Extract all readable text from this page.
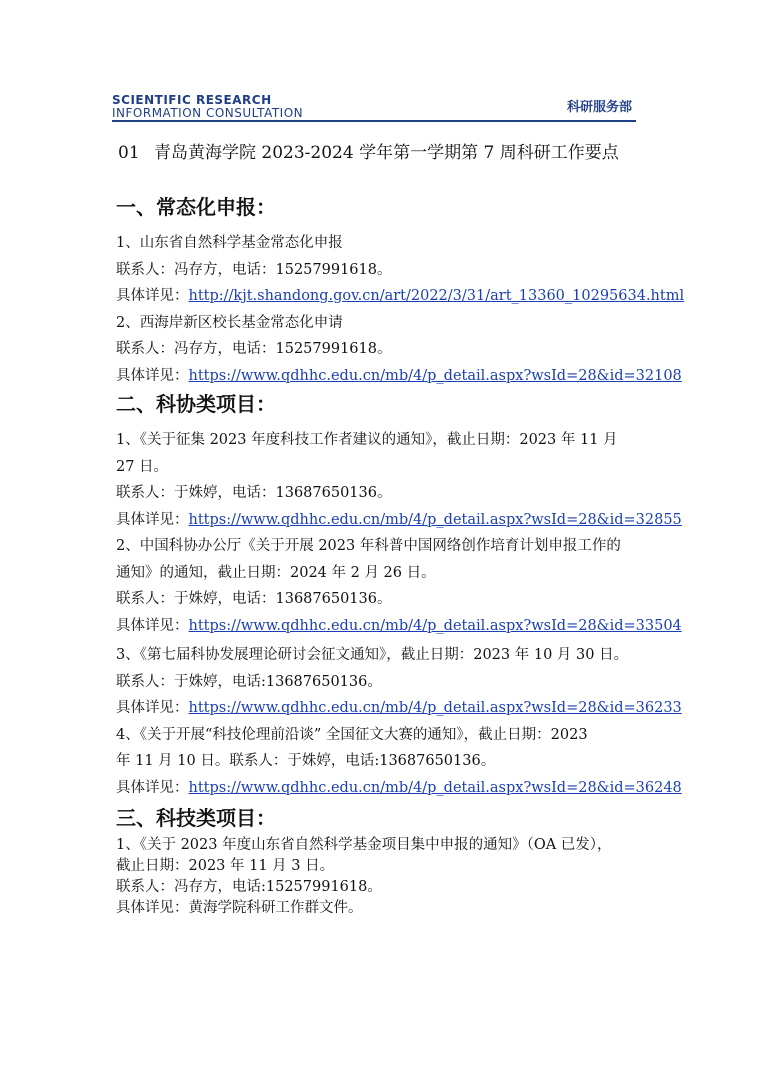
SCIENTIFIC RESEARCH
INFORMATION CONSULTATION	科研服务部
01 青岛黄海学院 2023-2024 学年第一学期第 7 周科研工作要点
一、常态化申报：

1、山东省自然科学基金常态化申报

联系人：冯存方，电话：15257991618。

具体详见：http://kjt.shandong.gov.cn/art/2022/3/31/art_13360_10295634.html

2、西海岸新区校长基金常态化申请

联系人：冯存方，电话：15257991618。

具体详见：https://www.qdhhc.edu.cn/mb/4/p_detail.aspx?wsId=28&id=32108

二、科协类项目：

1、《关于征集 2023 年度科技工作者建议的通知》，截止日期：2023 年 11 月

27 日。

联系人：于姝婷，电话：13687650136。

具体详见：https://www.qdhhc.edu.cn/mb/4/p_detail.aspx?wsId=28&id=32855

2、中国科协办公厅《关于开展 2023 年科普中国网络创作培育计划申报工作的

通知》的通知，截止日期：2024 年 2 月 26 日。

联系人：于姝婷，电话：13687650136。

具体详见：https://www.qdhhc.edu.cn/mb/4/p_detail.aspx?wsId=28&id=33504

3、《第七届科协发展理论研讨会征文通知》，截止日期：2023 年 10 月 30 日。

联系人：于姝婷，电话:13687650136。

具体详见：https://www.qdhhc.edu.cn/mb/4/p_detail.aspx?wsId=28&id=36233

4、《关于开展“科技伦理前沿谈” 全国征文大赛的通知》，截止日期：2023

年 11 月 10 日。联系人：于姝婷，电话:13687650136。

具体详见：https://www.qdhhc.edu.cn/mb/4/p_detail.aspx?wsId=28&id=36248

三、科技类项目：

1、《关于 2023 年度山东省自然科学基金项目集中申报的通知》（OA 已发），

截止日期：2023 年 11 月 3 日。

联系人：冯存方，电话:15257991618。

具体详见：黄海学院科研工作群文件。
